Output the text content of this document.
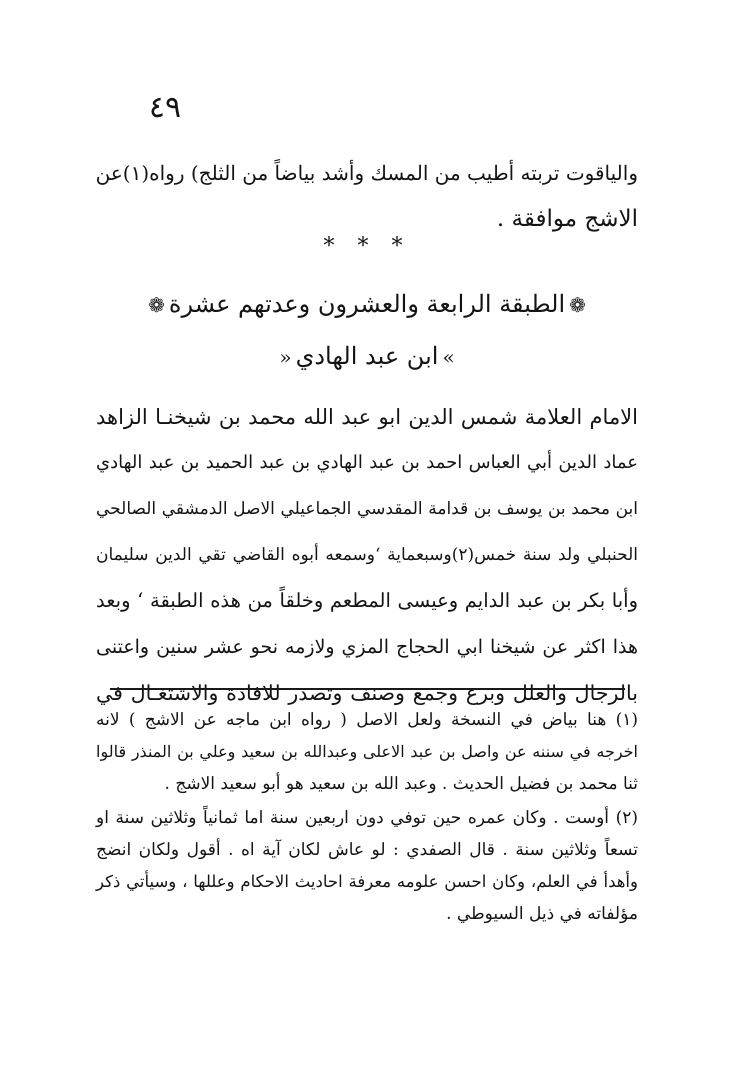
٤٩
والياقوت تربته أطيب من المسك وأشد بياضاً من الثلج) رواه(١)عن
الاشج موافقة .
* * *
❁الطبقة الرابعة والعشرون وعدتهم عشرة❁
»ابن عبد الهادي«
الامام العلامة شمس الدين ابو عبد الله محمد بن شيخنـا الزاهد
عماد الدين أبي العباس احمد بن عبد الهادي بن عبد الحميد بن عبد الهادي
ابن محمد بن يوسف بن قدامة المقدسي الجماعيلي الاصل الدمشقي الصالحي
الحنبلي ولد سنة خمس(٢)وسبعماية ‘وسمعه أبوه القاضي تقي الدين سليمان
وأبا بكر بن عبد الدايم وعيسى المطعم وخلقاً من هذه الطبقة ‘ وبعد
هذا اكثر عن شيخنا ابي الحجاج المزي ولازمه نحو عشر سنين واعتنى
بالرجال والعلل وبرع وجمع وصنف وتصدر للافادة والاشتغـال في
(١) هنا بياض في النسخة ولعل الاصل ( رواه ابن ماجه عن الاشج ) لانه
اخرجه في سننه عن واصل بن عبد الاعلى وعبدالله بن سعيد وعلي بن المنذر قالوا
ثنا محمد بن فضيل الحديث . وعبد الله بن سعيد هو أبو سعيد الاشج .
(٢) أوست . وكان عمره حين توفي دون اربعين سنة اما ثمانياً وثلاثين سنة او
تسعاً وثلاثين سنة . قال الصفدي : لو عاش لكان آية اه . أقول ولكان انضج
وأهدأ في العلم، وكان احسن علومه معرفة احاديث الاحكام وعللها ، وسيأتي ذكر
مؤلفاته في ذيل السيوطي .
